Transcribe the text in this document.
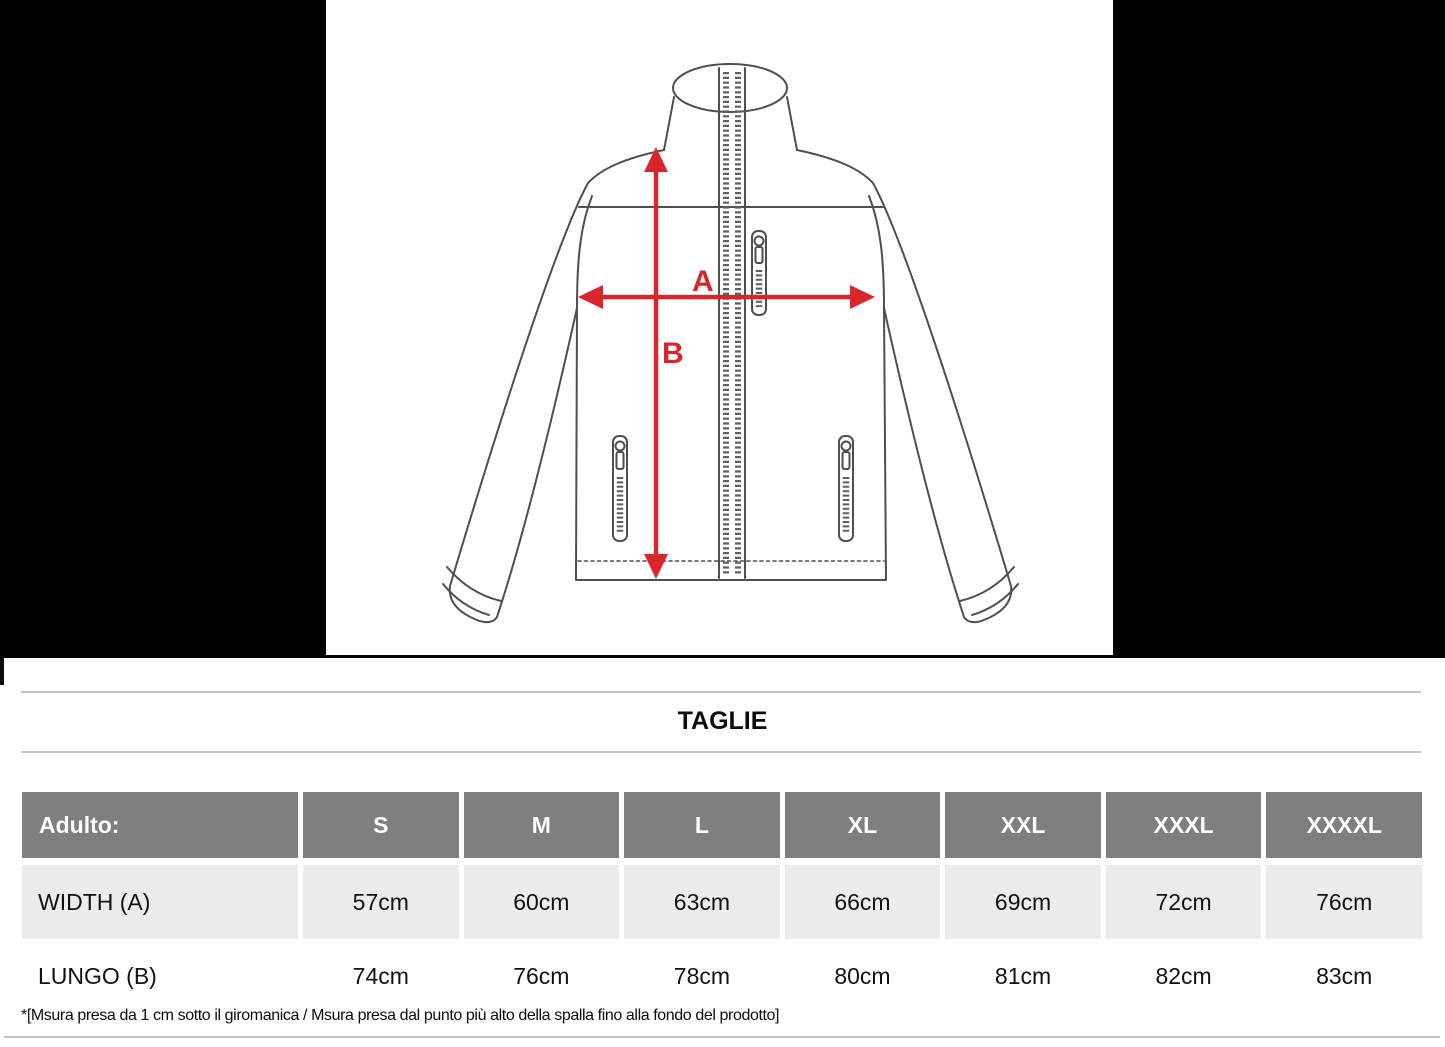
A
B
TAGLIE
Adulto:	S	M	L	XL	XXL	XXXL	XXXXL
WIDTH (A)	57cm	60cm	63cm	66cm	69cm	72cm	76cm
LUNGO (B)	74cm	76cm	78cm	80cm	81cm	82cm	83cm
*[Msura presa da 1 cm sotto il giromanica / Msura presa dal punto più alto della spalla fino alla fondo del prodotto]
